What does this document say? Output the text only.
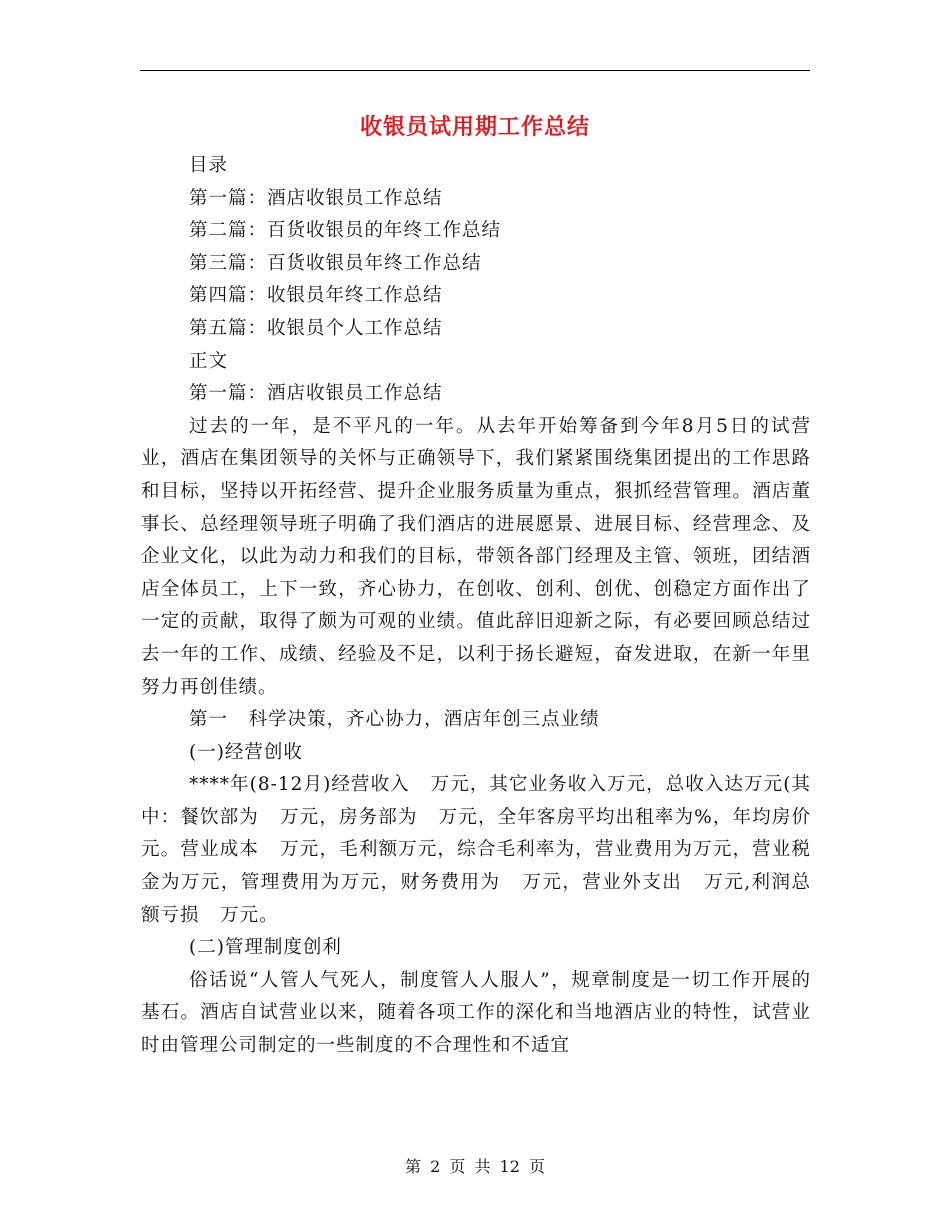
收银员试用期工作总结

目录

第一篇：酒店收银员工作总结

第二篇：百货收银员的年终工作总结

第三篇：百货收银员年终工作总结

第四篇：收银员年终工作总结

第五篇：收银员个人工作总结

正文

第一篇：酒店收银员工作总结

过去的一年，是不平凡的一年。从去年开始筹备到今年8月5日的试营业，酒店在集团领导的关怀与正确领导下，我们紧紧围绕集团提出的工作思路和目标，坚持以开拓经营、提升企业服务质量为重点，狠抓经营管理。酒店董事长、总经理领导班子明确了我们酒店的进展愿景、进展目标、经营理念、及企业文化，以此为动力和我们的目标，带领各部门经理及主管、领班，团结酒店全体员工，上下一致，齐心协力，在创收、创利、创优、创稳定方面作出了一定的贡献，取得了颇为可观的业绩。值此辞旧迎新之际，有必要回顾总结过去一年的工作、成绩、经验及不足，以利于扬长避短，奋发进取，在新一年里努力再创佳绩。

第一   科学决策，齐心协力，酒店年创三点业绩

(一)经营创收

****年(8-12月)经营收入   万元，其它业务收入万元，总收入达万元(其中：餐饮部为   万元，房务部为   万元，全年客房平均出租率为%，年均房价元。营业成本   万元，毛利额万元，综合毛利率为，营业费用为万元，营业税金为万元，管理费用为万元，财务费用为   万元，营业外支出   万元,利润总额亏损   万元。

(二)管理制度创利

俗话说“人管人气死人，制度管人人服人”，规章制度是一切工作开展的基石。酒店自试营业以来，随着各项工作的深化和当地酒店业的特性，试营业时由管理公司制定的一些制度的不合理性和不适宜

第 2 页 共 12 页
